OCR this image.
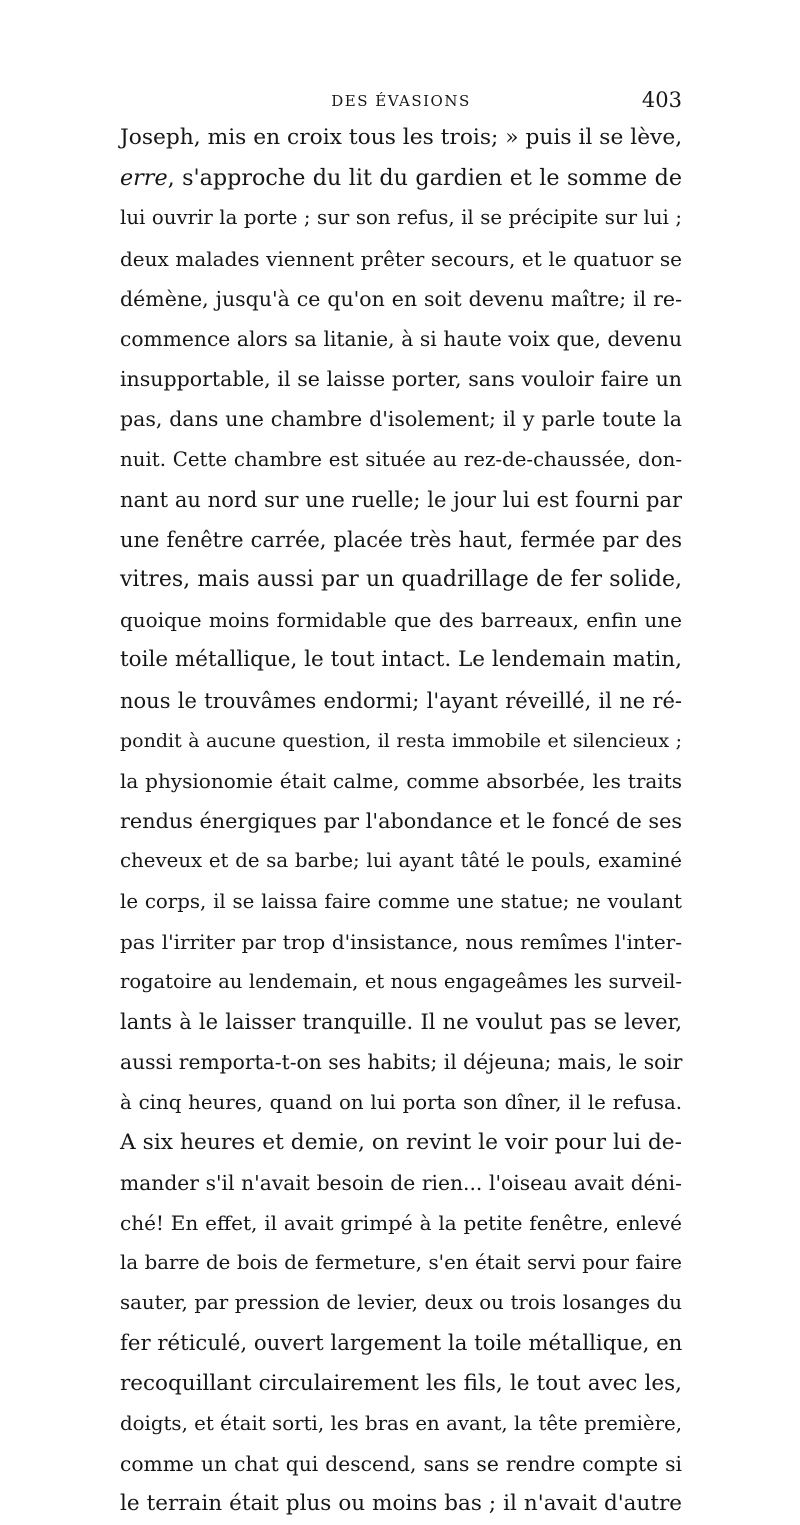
DES ÉVASIONS	403
Joseph, mis en croix tous les trois; » puis il se lève,
erre, s'approche du lit du gardien et le somme de
lui ouvrir la porte ; sur son refus, il se précipite sur lui ;
deux malades viennent prêter secours, et le quatuor se
démène, jusqu'à ce qu'on en soit devenu maître; il re-
commence alors sa litanie, à si haute voix que, devenu
insupportable, il se laisse porter, sans vouloir faire un
pas, dans une chambre d'isolement; il y parle toute la
nuit. Cette chambre est située au rez-de-chaussée, don-
nant au nord sur une ruelle; le jour lui est fourni par
une fenêtre carrée, placée très haut, fermée par des
vitres, mais aussi par un quadrillage de fer solide,
quoique moins formidable que des barreaux, enfin une
toile métallique, le tout intact. Le lendemain matin,
nous le trouvâmes endormi; l'ayant réveillé, il ne ré-
pondit à aucune question, il resta immobile et silencieux ;
la physionomie était calme, comme absorbée, les traits
rendus énergiques par l'abondance et le foncé de ses
cheveux et de sa barbe; lui ayant tâté le pouls, examiné
le corps, il se laissa faire comme une statue; ne voulant
pas l'irriter par trop d'insistance, nous remîmes l'inter-
rogatoire au lendemain, et nous engageâmes les surveil-
lants à le laisser tranquille. Il ne voulut pas se lever,
aussi remporta-t-on ses habits; il déjeuna; mais, le soir
à cinq heures, quand on lui porta son dîner, il le refusa.
A six heures et demie, on revint le voir pour lui de-
mander s'il n'avait besoin de rien... l'oiseau avait déni-
ché! En effet, il avait grimpé à la petite fenêtre, enlevé
la barre de bois de fermeture, s'en était servi pour faire
sauter, par pression de levier, deux ou trois losanges du
fer réticulé, ouvert largement la toile métallique, en
recoquillant circulairement les fils, le tout avec les,
doigts, et était sorti, les bras en avant, la tête première,
comme un chat qui descend, sans se rendre compte si
le terrain était plus ou moins bas ; il n'avait d'autre
